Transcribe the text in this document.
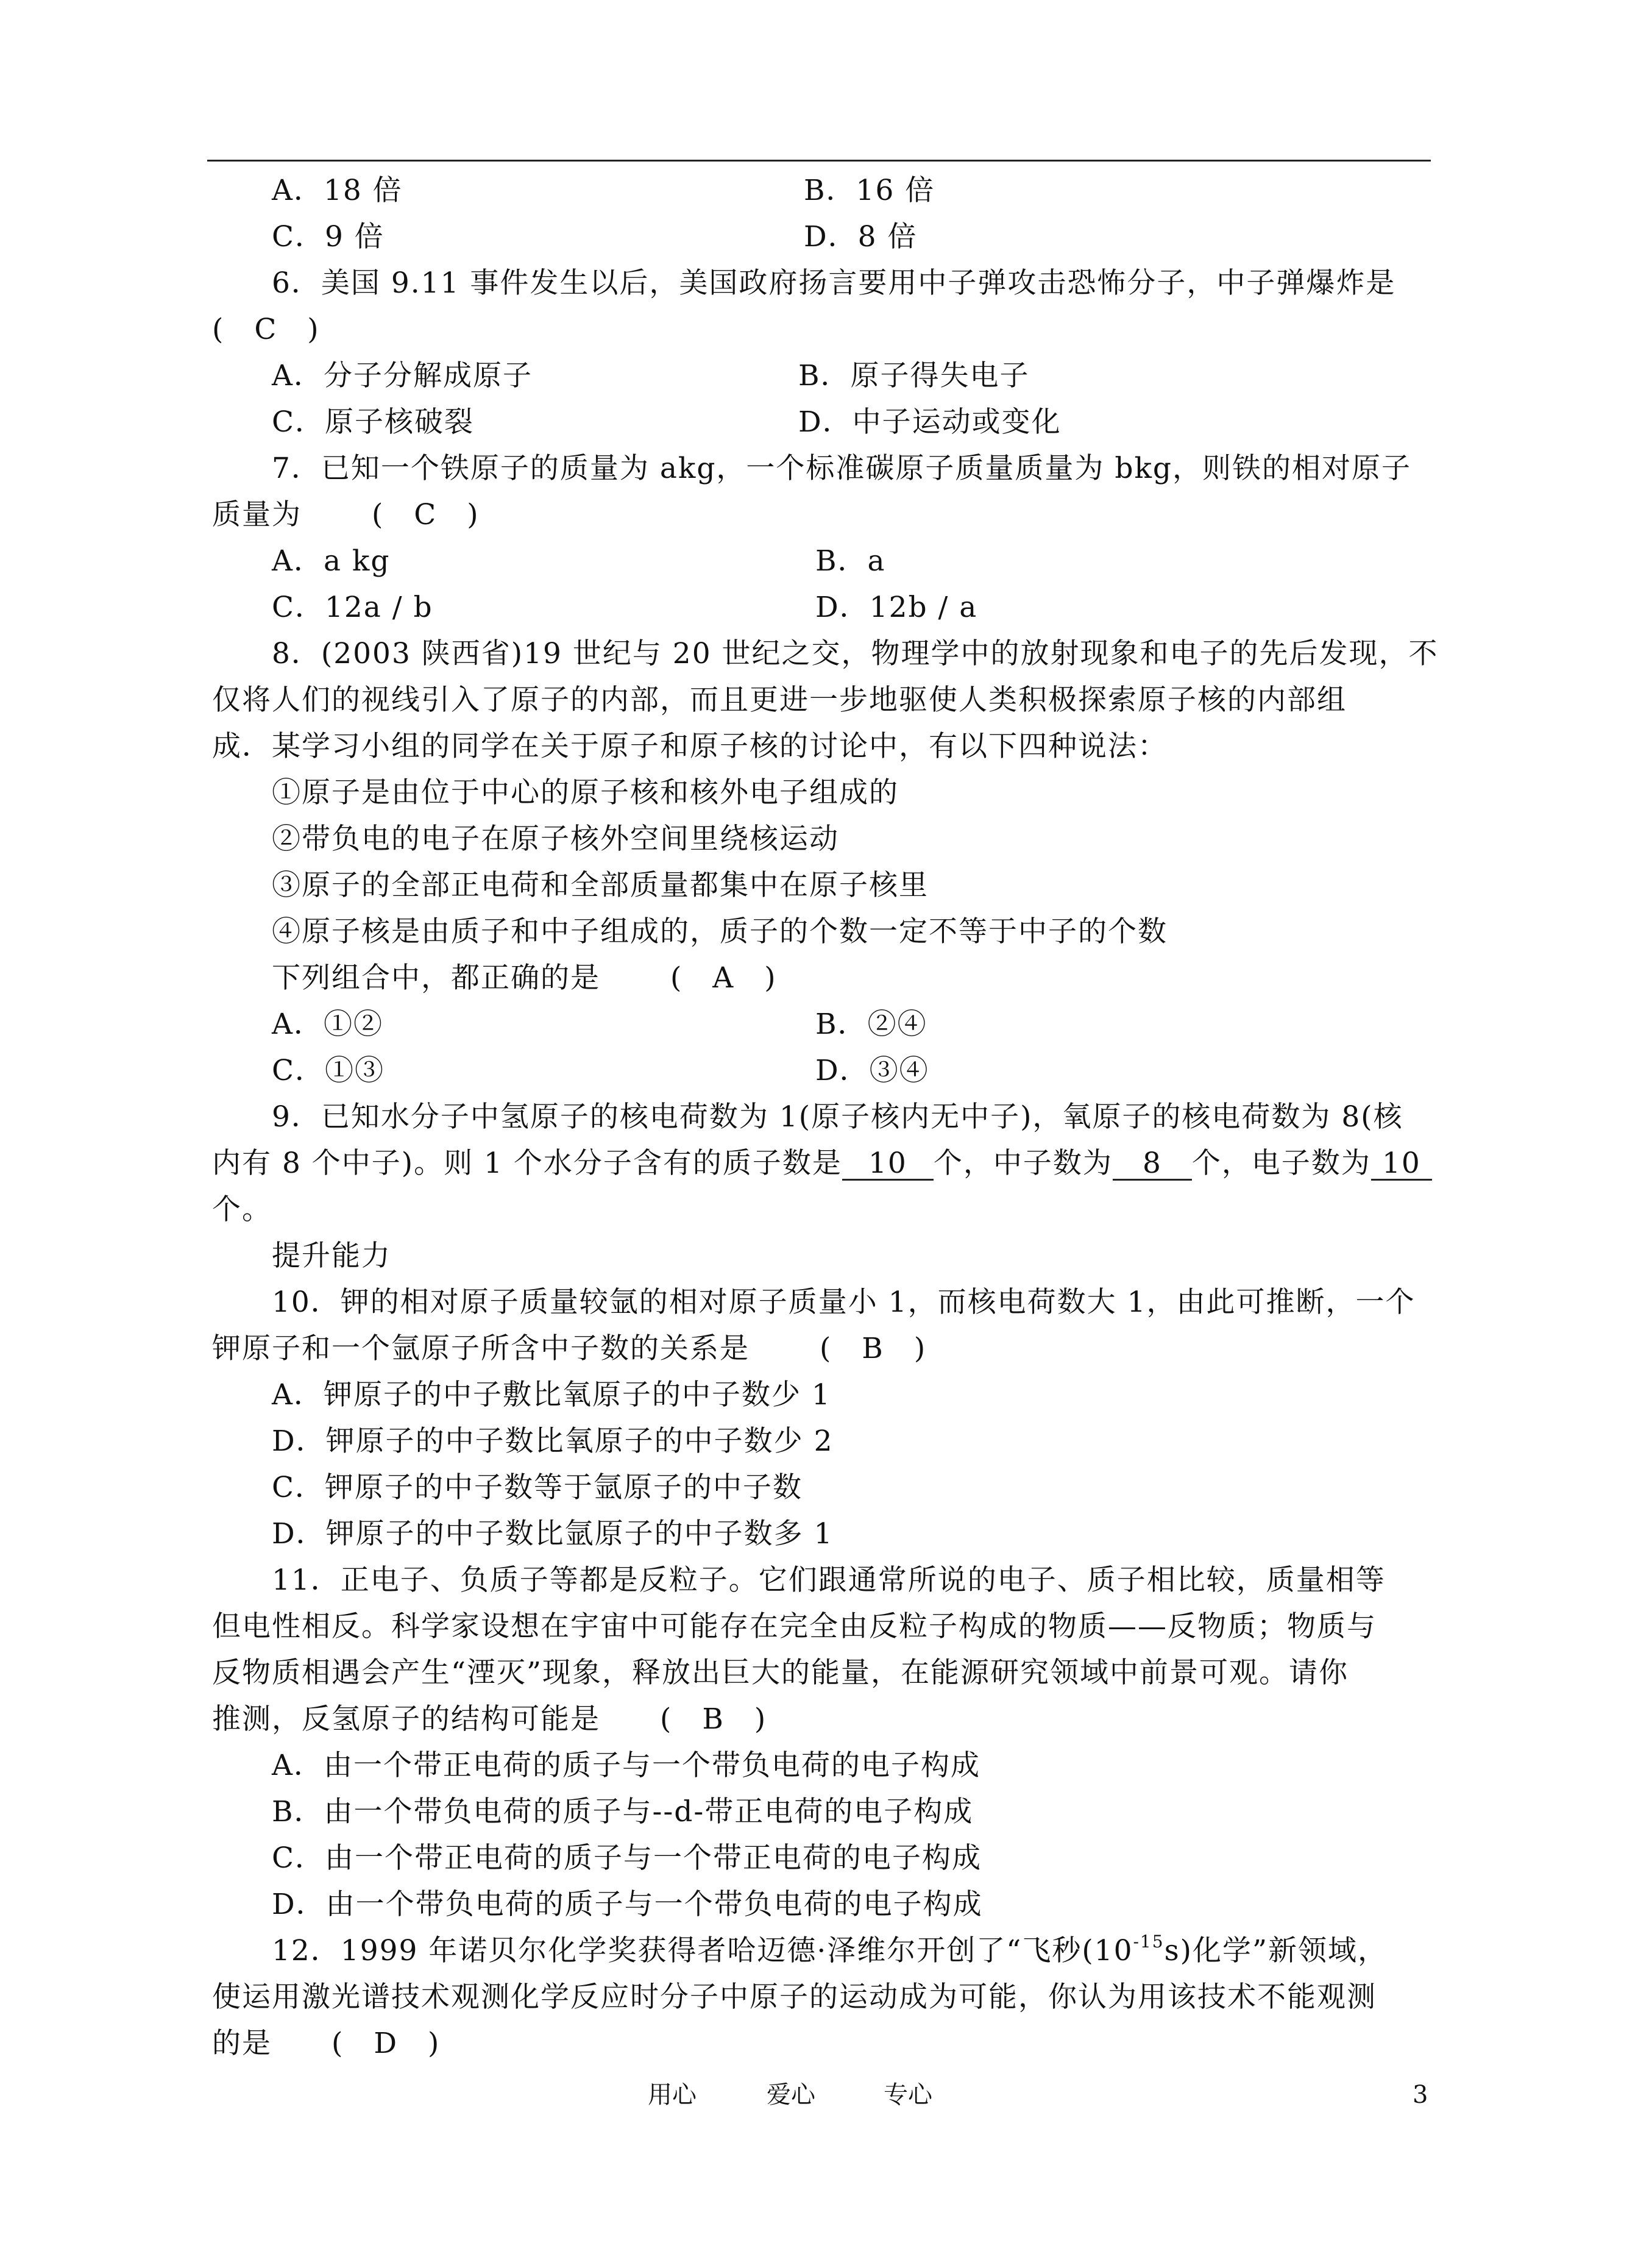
A．18 倍	B．16 倍
C．9 倍	D．8 倍
6．美国 9.11 事件发生以后，美国政府扬言要用中子弹攻击恐怖分子，中子弹爆炸是
(　C　)
A．分子分解成原子	B．原子得失电子
C．原子核破裂	D．中子运动或变化
7．已知一个铁原子的质量为 akg，一个标准碳原子质量质量为 bkg，则铁的相对原子
质量为　　 (　C　)
A．a kg	B．a
C．12a / b	D．12b / a
8．(2003 陕西省)19 世纪与 20 世纪之交，物理学中的放射现象和电子的先后发现，不
仅将人们的视线引入了原子的内部，而且更进一步地驱使人类积极探索原子核的内部组
成．某学习小组的同学在关于原子和原子核的讨论中，有以下四种说法：
①原子是由位于中心的原子核和核外电子组成的
②带负电的电子在原子核外空间里绕核运动
③原子的全部正电荷和全部质量都集中在原子核里
④原子核是由质子和中子组成的，质子的个数一定不等于中子的个数
下列组合中，都正确的是　　 (　A　)
A．①②	B．②④
C．①③	D．③④
9．已知水分子中氢原子的核电荷数为 1(原子核内无中子)，氧原子的核电荷数为 8(核
内有 8 个中子)。则 1 个水分子含有的质子数是 10 个，中子数为 8 个，电子数为 10
个。
提升能力
10．钾的相对原子质量较氩的相对原子质量小 1，而核电荷数大 1，由此可推断，一个
钾原子和一个氩原子所含中子数的关系是　　 (　B　)
A．钾原子的中子敷比氧原子的中子数少 1
D．钾原子的中子数比氧原子的中子数少 2
C．钾原子的中子数等于氩原子的中子数
D．钾原子的中子数比氩原子的中子数多 1
11．正电子、负质子等都是反粒子。它们跟通常所说的电子、质子相比较，质量相等
但电性相反。科学家设想在宇宙中可能存在完全由反粒子构成的物质——反物质；物质与
反物质相遇会产生“湮灭”现象，释放出巨大的能量，在能源研究领域中前景可观。请你
推测，反氢原子的结构可能是　　(　B　)
A．由一个带正电荷的质子与一个带负电荷的电子构成
B．由一个带负电荷的质子与--d-带正电荷的电子构成
C．由一个带正电荷的质子与一个带正电荷的电子构成
D．由一个带负电荷的质子与一个带负电荷的电子构成
12．1999 年诺贝尔化学奖获得者哈迈德·泽维尔开创了“飞秒$(10^{-15}s)$化学”新领域，
使运用激光谱技术观测化学反应时分子中原子的运动成为可能，你认为用该技术不能观测
的是　　(　D　)
用心	爱心	专心	3
